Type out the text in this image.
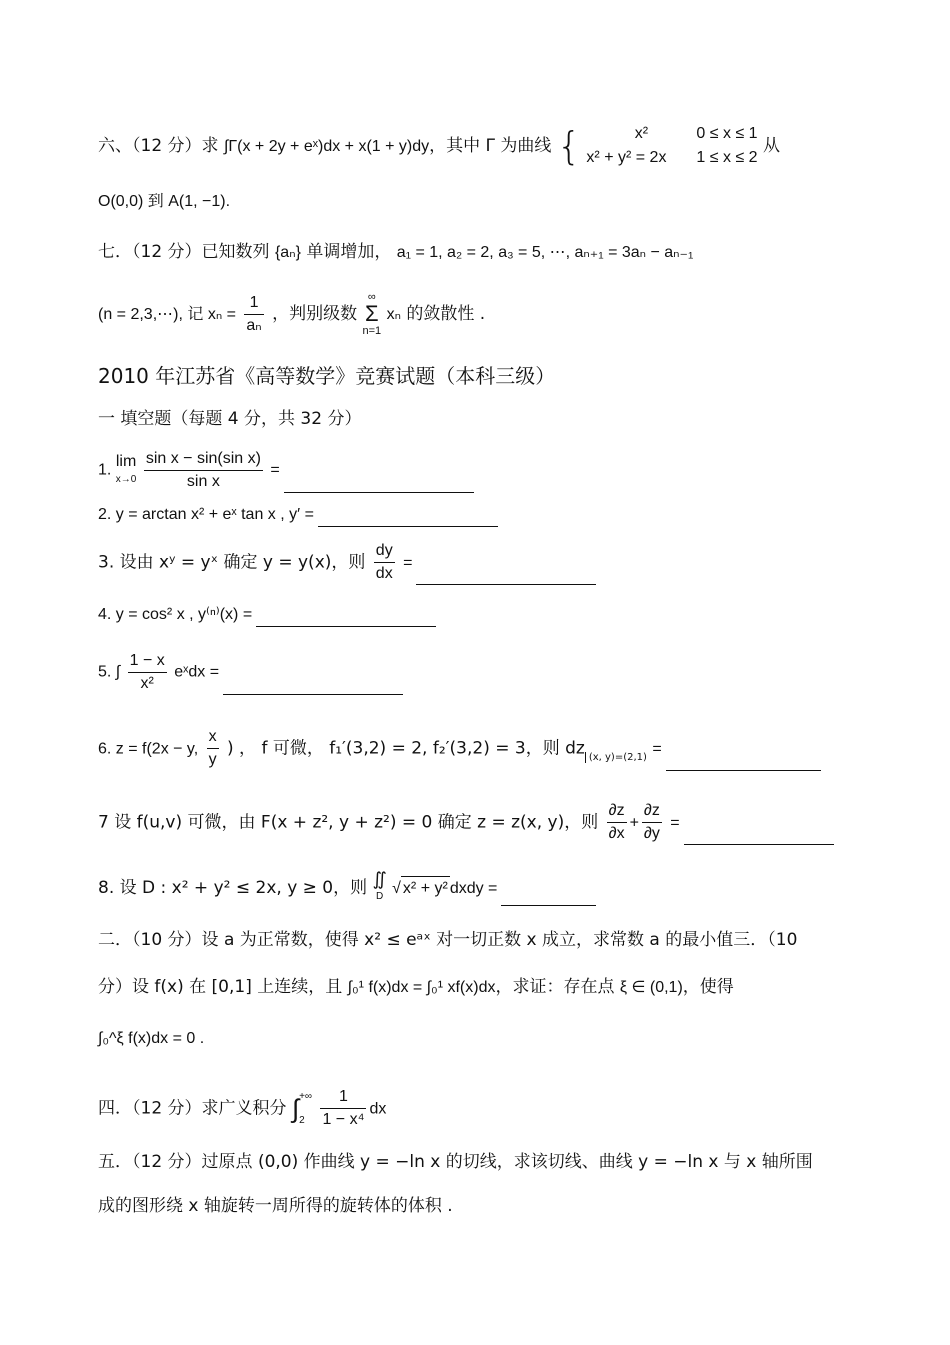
六、（12 分）求 ∫Γ(x + 2y + eˣ)dx + x(1 + y)dy，其中 Γ 为曲线 {	x²	0 ≤ x ≤ 1
x² + y² = 2x 1 ≤ x ≤ 2
从
O(0,0) 到 A(1, −1).
七．（12 分）已知数列 {aₙ} 单调增加， a₁ = 1, a₂ = 2, a₃ = 5, ⋯, aₙ₊₁ = 3aₙ − aₙ₋₁
(n = 2,3,⋯), 记 $x_n = \frac{1}{\text{aₙ}}$ ，判别级数
∞
Σ
n=1
xₙ 的敛散性 .
2010 年江苏省《高等数学》竞赛试题（本科三级）
一 填空题（每题 4 分，共 32 分）
1.
lim
x→0
$\frac{\text{sin x − sin(sin x)}}{\text{sin x}}$ =
2. y = arctan x² + eˣ tan x , y′ =
3. 设由 xʸ = yˣ 确定 y = y(x)，则 $\frac{dy}{dx}$ =
4. y = cos² x , y⁽ⁿ⁾(x) =
5. ∫ $\frac{1 - x}{\text{x²}}$ eˣdx =
6. z = f(2x − y, $\frac{x}{y}$ ) ， f 可微， f₁′(3,2) = 2, f₂′(3,2) = 3，则 dz $_{(x, y)=(2,1)}$ =
7 设 f(u,v) 可微，由 F(x + z², y + z²) = 0 确定 z = z(x, y)，则 $\frac{\partial z}{\partial x} + \frac{\partial z}{\partial y}$ =
8. 设 D : x² + y² ≤ 2x, y ≥ 0，则 ∬
D √ x² + y² dxdy =
二．（10 分）设 a 为正常数，使得 x² ≤ eᵃˣ 对一切正数 x 成立，求常数 a 的最小值三．（10
分）设 f(x) 在 [0,1] 上连续，且 ∫₀¹ f(x)dx = ∫₀¹ xf(x)dx，求证：存在点 ξ ∈ (0,1)，使得
∫₀^ξ f(x)dx = 0 .
四．（12 分）求广义积分 ∫ +∞
2
$\frac{1}{\text{1 − x⁴}}$ dx
五．（12 分）过原点 (0,0) 作曲线 y = −ln x 的切线，求该切线、曲线 y = −ln x 与 x 轴所围
成的图形绕 x 轴旋转一周所得的旋转体的体积 .
